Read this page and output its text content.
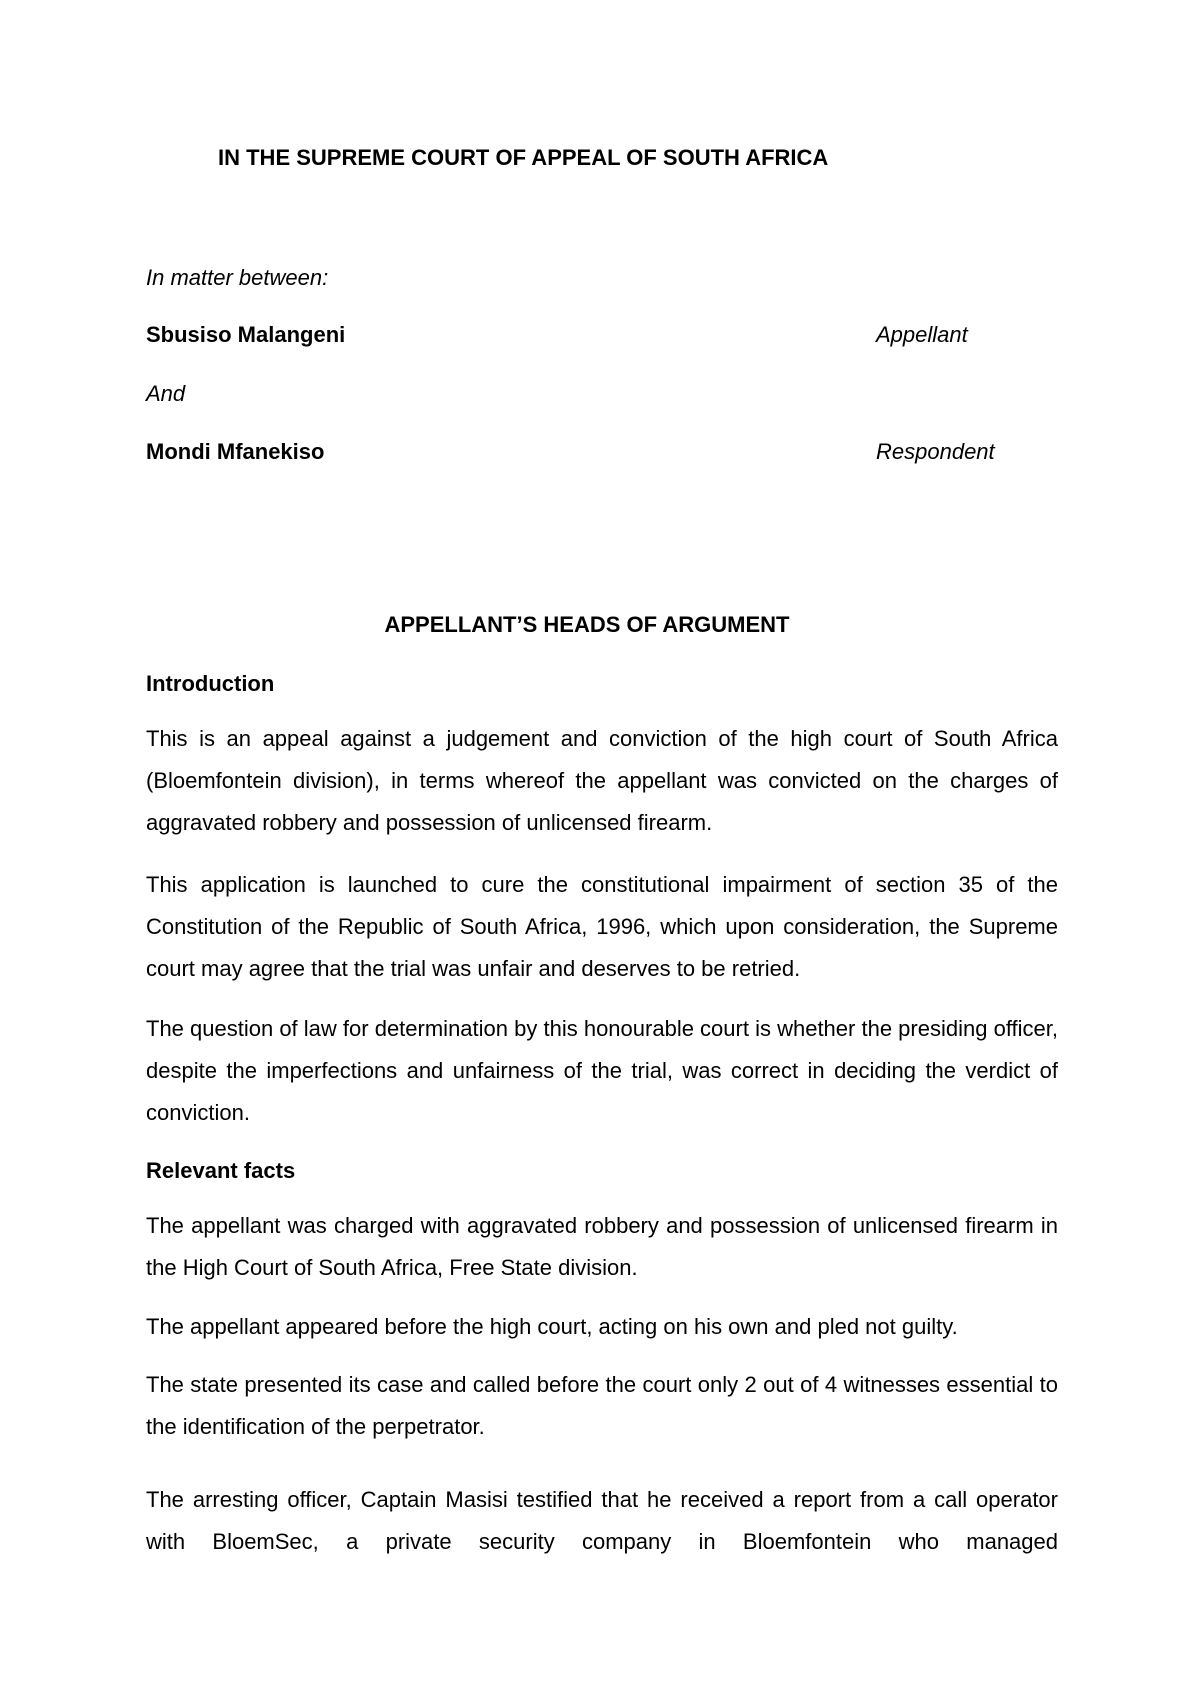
IN THE SUPREME COURT OF APPEAL OF SOUTH AFRICA
In matter between:
Sbusiso Malangeni	Appellant
And
Mondi Mfanekiso	Respondent
APPELLANT’S HEADS OF ARGUMENT
Introduction
This is an appeal against a judgement and conviction of the high court of South Africa (Bloemfontein division), in terms whereof the appellant was convicted on the charges of aggravated robbery and possession of unlicensed firearm.
This application is launched to cure the constitutional impairment of section 35 of the Constitution of the Republic of South Africa, 1996, which upon consideration, the Supreme court may agree that the trial was unfair and deserves to be retried.
The question of law for determination by this honourable court is whether the presiding officer, despite the imperfections and unfairness of the trial, was correct in deciding the verdict of conviction.
Relevant facts
The appellant was charged with aggravated robbery and possession of unlicensed firearm in the High Court of South Africa, Free State division.
The appellant appeared before the high court, acting on his own and pled not guilty.
The state presented its case and called before the court only 2 out of 4 witnesses essential to the identification of the perpetrator.
The arresting officer, Captain Masisi testified that he received a report from a call operator with BloemSec, a private security company in Bloemfontein who managed
